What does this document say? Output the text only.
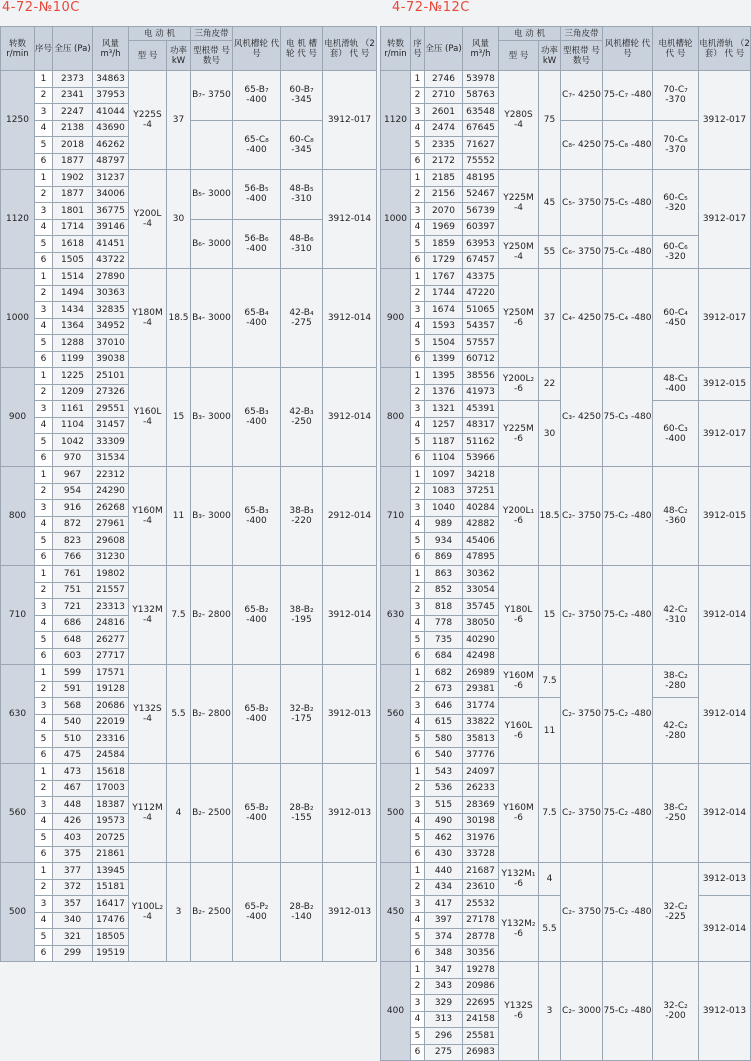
4-72-№10C	4-72-№12C
转数 r/min	序号	全压 (Pa)	风量 m³/h	电 动 机		三角皮带	风机槽轮 代 号	电 机 槽 轮 代 号	电机滑轨 （2套） 代 号
				型 号	功率 kW	型根带 号数号			
1250	1	2373	34863	Y225S -4	37	B₇- 3750	65-B₇ -400	60-B₇ -345	3912-017
	2	2341	37953						
	3	2247	41044						
	4	2138	43690				65-C₈ -400	60-C₈ -345	
	5	2018	46262						
	6	1877	48797						
1120	1	1902	31237	Y200L -4	30	B₅- 3000	56-B₅ -400	48-B₅ -310	3912-014
	2	1877	34006						
	3	1801	36775						
	4	1714	39146			B₆- 3000	56-B₆ -400	48-B₆ -310	
	5	1618	41451						
	6	1505	43722						
1000	1	1514	27890	Y180M -4	18.5	B₄- 3000	65-B₄ -400	42-B₄ -275	3912-014
	2	1494	30363						
	3	1434	32835						
	4	1364	34952						
	5	1288	37010						
	6	1199	39038						
900	1	1225	25101	Y160L -4	15	B₃- 3000	65-B₃ -400	42-B₃ -250	3912-014
	2	1209	27326						
	3	1161	29551						
	4	1104	31457						
	5	1042	33309						
	6	970	31534						
800	1	967	22312	Y160M -4	11	B₃- 3000	65-B₃ -400	38-B₃ -220	2912-014
	2	954	24290						
	3	916	26268						
	4	872	27961						
	5	823	29608						
	6	766	31230						
710	1	761	19802	Y132M -4	7.5	B₂- 2800	65-B₂ -400	38-B₂ -195	3912-014
	2	751	21557						
	3	721	23313						
	4	686	24816						
	5	648	26277						
	6	603	27717						
630	1	599	17571	Y132S -4	5.5	B₂- 2800	65-B₂ -400	32-B₂ -175	3912-013
	2	591	19128						
	3	568	20686						
	4	540	22019						
	5	510	23316						
	6	475	24584						
560	1	473	15618	Y112M -4	4	B₂- 2500	65-B₂ -400	28-B₂ -155	3912-013
	2	467	17003						
	3	448	18387						
	4	426	19573						
	5	403	20725						
	6	375	21861						
500	1	377	13945	Y100L₂ -4	3	B₂- 2500	65-P₂ -400	28-B₂ -140	3912-013
	2	372	15181						
	3	357	16417						
	4	340	17476						
	5	321	18505						
	6	299	19519						
转数 r/min	序号	全压 (Pa)	风量 m³/h	电 动 机		三角皮带	风机槽轮 代 号	电机槽轮 代 号	电机滑轨 （2套） 代 号
				型 号	功率 kW	型根带 号数号			
1120	1	2746	53978	Y280S -4	75	C₇- 4250	75-C₇ -480	70-C₇ -370	3912-017
	2	2710	58763						
	3	2601	63548						
	4	2474	67645			C₈- 4250	75-C₈ -480	70-C₈ -370	
	5	2335	71627						
	6	2172	75552						
1000	1	2185	48195	Y225M -4	45	C₅- 3750	75-C₅ -480	60-C₅ -320	3912-017
	2	2156	52467						
	3	2070	56739						
	4	1969	60397						
	5	1859	63953	Y250M -4	55	C₆- 3750	75-C₆ -480	60-C₆ -320	
	6	1729	67457						
900	1	1767	43375	Y250M -6	37	C₄- 4250	75-C₄ -480	60-C₄ -450	3912-017
	2	1744	47220						
	3	1674	51065						
	4	1593	54357						
	5	1504	57557						
	6	1399	60712						
800	1	1395	38556	Y200L₂ -6	22	C₃- 4250	75-C₃ -480	48-C₃ -400	3912-015
	2	1376	41973						
	3	1321	45391	Y225M -6	30			60-C₃ -400	3912-017
	4	1257	48317						
	5	1187	51162						
	6	1104	53966						
710	1	1097	34218	Y200L₁ -6	18.5	C₂- 3750	75-C₂ -480	48-C₂ -360	3912-015
	2	1083	37251						
	3	1040	40284						
	4	989	42882						
	5	934	45406						
	6	869	47895						
630	1	863	30362	Y180L -6	15	C₂- 3750	75-C₂ -480	42-C₂ -310	3912-014
	2	852	33054						
	3	818	35745						
	4	778	38050						
	5	735	40290						
	6	684	42498						
560	1	682	26989	Y160M -6	7.5	C₂- 3750	75-C₂ -480	38-C₂ -280	3912-014
	2	673	29381						
	3	646	31774	Y160L -6	11			42-C₂ -280	
	4	615	33822						
	5	580	35813						
	6	540	37776						
500	1	543	24097	Y160M -6	7.5	C₂- 3750	75-C₂ -480	38-C₂ -250	3912-014
	2	536	26233						
	3	515	28369						
	4	490	30198						
	5	462	31976						
	6	430	33728						
450	1	440	21687	Y132M₁ -6	4	C₂- 3750	75-C₂ -480	32-C₂ -225	3912-013
	2	434	23610						
	3	417	25532	Y132M₂ -6	5.5				3912-014
	4	397	27178						
	5	374	28778						
	6	348	30356						
400	1	347	19278	Y132S -6	3	C₂- 3000	75-C₂ -480	32-C₂ -200	3912-013
	2	343	20986						
	3	329	22695						
	4	313	24158						
	5	296	25581						
	6	275	26983						
